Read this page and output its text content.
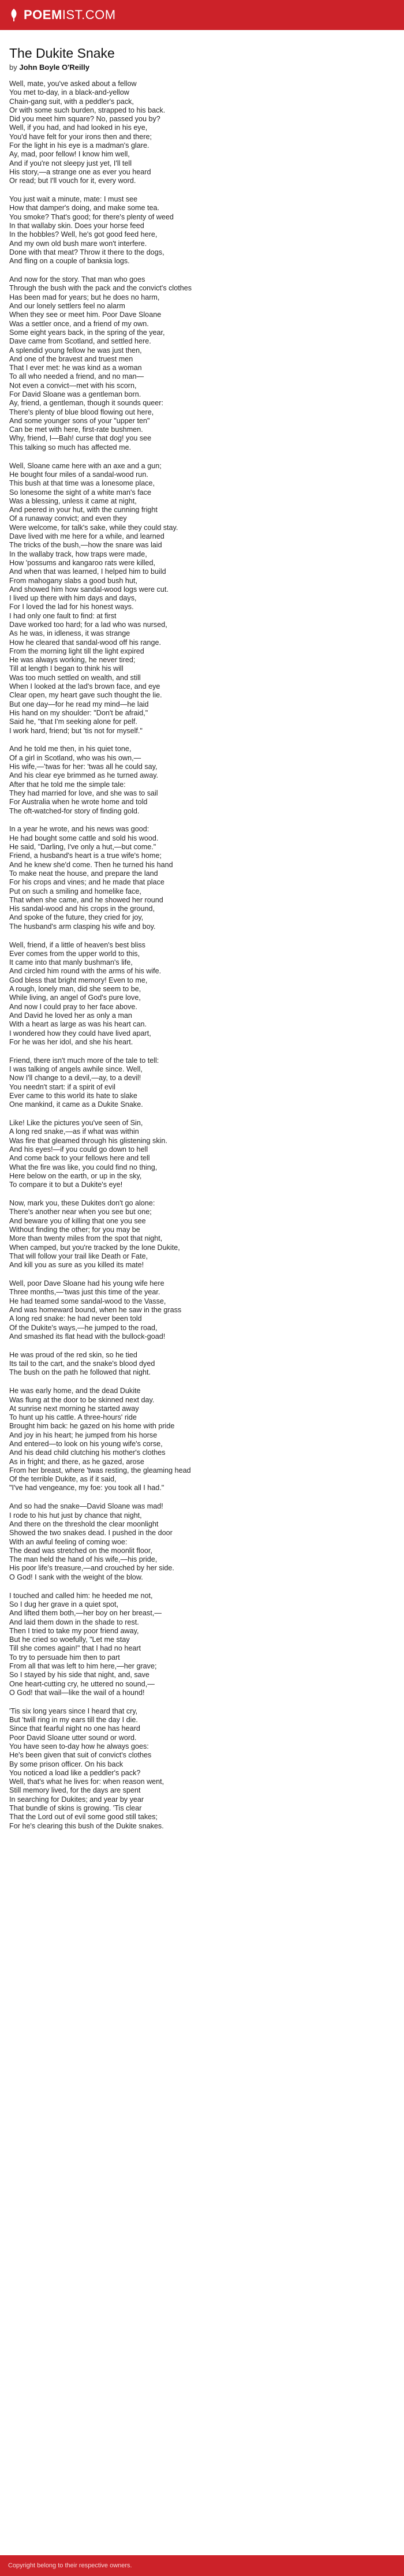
POEMIST.COM
The Dukite Snake
by John Boyle O'Reilly
Well, mate, you've asked about a fellow
You met to-day, in a black-and-yellow
Chain-gang suit, with a peddler's pack,
Or with some such burden, strapped to his back.
Did you meet him square? No, passed you by?
Well, if you had, and had looked in his eye,
You'd have felt for your irons then and there;
For the light in his eye is a madman's glare.
Ay, mad, poor fellow! I know him well,
And if you're not sleepy just yet, I'll tell
His story,—a strange one as ever you heard
Or read; but I'll vouch for it, every word.
You just wait a minute, mate: I must see
How that damper's doing, and make some tea.
You smoke? That's good; for there's plenty of weed
In that wallaby skin. Does your horse feed
In the hobbles? Well, he's got good feed here,
And my own old bush mare won't interfere.
Done with that meat? Throw it there to the dogs,
And fling on a couple of banksia logs.
And now for the story. That man who goes
Through the bush with the pack and the convict's clothes
Has been mad for years; but he does no harm,
And our lonely settlers feel no alarm
When they see or meet him. Poor Dave Sloane
Was a settler once, and a friend of my own.
Some eight years back, in the spring of the year,
Dave came from Scotland, and settled here.
A splendid young fellow he was just then,
And one of the bravest and truest men
That I ever met: he was kind as a woman
To all who needed a friend, and no man—
Not even a convict—met with his scorn,
For David Sloane was a gentleman born.
Ay, friend, a gentleman, though it sounds queer:
There's plenty of blue blood flowing out here,
And some younger sons of your "upper ten"
Can be met with here, first-rate bushmen.
Why, friend, I—Bah! curse that dog! you see
This talking so much has affected me.
Well, Sloane came here with an axe and a gun;
He bought four miles of a sandal-wood run.
This bush at that time was a lonesome place,
So lonesome the sight of a white man's face
Was a blessing, unless it came at night,
And peered in your hut, with the cunning fright
Of a runaway convict; and even they
Were welcome, for talk's sake, while they could stay.
Dave lived with me here for a while, and learned
The tricks of the bush,—how the snare was laid
In the wallaby track, how traps were made,
How 'possums and kangaroo rats were killed,
And when that was learned, I helped him to build
From mahogany slabs a good bush hut,
And showed him how sandal-wood logs were cut.
I lived up there with him days and days,
For I loved the lad for his honest ways.
I had only one fault to find: at first
Dave worked too hard; for a lad who was nursed,
As he was, in idleness, it was strange
How he cleared that sandal-wood off his range.
From the morning light till the light expired
He was always working, he never tired;
Till at length I began to think his will
Was too much settled on wealth, and still
When I looked at the lad's brown face, and eye
Clear open, my heart gave such thought the lie.
But one day—for he read my mind—he laid
His hand on my shoulder: "Don't be afraid,"
Said he, "that I'm seeking alone for pelf.
I work hard, friend; but 'tis not for myself."
And he told me then, in his quiet tone,
Of a girl in Scotland, who was his own,—
His wife,—'twas for her: 'twas all he could say,
And his clear eye brimmed as he turned away.
After that he told me the simple tale:
They had married for love, and she was to sail
For Australia when he wrote home and told
The oft-watched-for story of finding gold.
In a year he wrote, and his news was good:
He had bought some cattle and sold his wood.
He said, "Darling, I've only a hut,—but come."
Friend, a husband's heart is a true wife's home;
And he knew she'd come. Then he turned his hand
To make neat the house, and prepare the land
For his crops and vines; and he made that place
Put on such a smiling and homelike face,
That when she came, and he showed her round
His sandal-wood and his crops in the ground,
And spoke of the future, they cried for joy,
The husband's arm clasping his wife and boy.
Well, friend, if a little of heaven's best bliss
Ever comes from the upper world to this,
It came into that manly bushman's life,
And circled him round with the arms of his wife.
God bless that bright memory! Even to me,
A rough, lonely man, did she seem to be,
While living, an angel of God's pure love,
And now I could pray to her face above.
And David he loved her as only a man
With a heart as large as was his heart can.
I wondered how they could have lived apart,
For he was her idol, and she his heart.
Friend, there isn't much more of the tale to tell:
I was talking of angels awhile since. Well,
Now I'll change to a devil,—ay, to a devil!
You needn't start: if a spirit of evil
Ever came to this world its hate to slake
One mankind, it came as a Dukite Snake.
Like! Like the pictures you've seen of Sin,
A long red snake,—as if what was within
Was fire that gleamed through his glistening skin.
And his eyes!—if you could go down to hell
And come back to your fellows here and tell
What the fire was like, you could find no thing,
Here below on the earth, or up in the sky,
To compare it to but a Dukite's eye!
Now, mark you, these Dukites don't go alone:
There's another near when you see but one;
And beware you of killing that one you see
Without finding the other; for you may be
More than twenty miles from the spot that night,
When camped, but you're tracked by the lone Dukite,
That will follow your trail like Death or Fate,
And kill you as sure as you killed its mate!
Well, poor Dave Sloane had his young wife here
Three months,—'twas just this time of the year.
He had teamed some sandal-wood to the Vasse,
And was homeward bound, when he saw in the grass
A long red snake: he had never been told
Of the Dukite's ways,—he jumped to the road,
And smashed its flat head with the bullock-goad!
He was proud of the red skin, so he tied
Its tail to the cart, and the snake's blood dyed
The bush on the path he followed that night.
He was early home, and the dead Dukite
Was flung at the door to be skinned next day.
At sunrise next morning he started away
To hunt up his cattle. A three-hours' ride
Brought him back: he gazed on his home with pride
And joy in his heart; he jumped from his horse
And entered—to look on his young wife's corse,
And his dead child clutching his mother's clothes
As in fright; and there, as he gazed, arose
From her breast, where 'twas resting, the gleaming head
Of the terrible Dukite, as if it said,
"I've had vengeance, my foe: you took all I had."
And so had the snake—David Sloane was mad!
I rode to his hut just by chance that night,
And there on the threshold the clear moonlight
Showed the two snakes dead. I pushed in the door
With an awful feeling of coming woe:
The dead was stretched on the moonlit floor,
The man held the hand of his wife,—his pride,
His poor life's treasure,—and crouched by her side.
O God! I sank with the weight of the blow.
I touched and called him: he heeded me not,
So I dug her grave in a quiet spot,
And lifted them both,—her boy on her breast,—
And laid them down in the shade to rest.
Then I tried to take my poor friend away,
But he cried so woefully, "Let me stay
Till she comes again!" that I had no heart
To try to persuade him then to part
From all that was left to him here,—her grave;
So I stayed by his side that night, and, save
One heart-cutting cry, he uttered no sound,—
O God! that wail—like the wail of a hound!
'Tis six long years since I heard that cry,
But 'twill ring in my ears till the day I die.
Since that fearful night no one has heard
Poor David Sloane utter sound or word.
You have seen to-day how he always goes:
He's been given that suit of convict's clothes
By some prison officer. On his back
You noticed a load like a peddler's pack?
Well, that's what he lives for: when reason went,
Still memory lived, for the days are spent
In searching for Dukites; and year by year
That bundle of skins is growing. 'Tis clear
That the Lord out of evil some good still takes;
For he's clearing this bush of the Dukite snakes.
Copyright belong to their respective owners.
